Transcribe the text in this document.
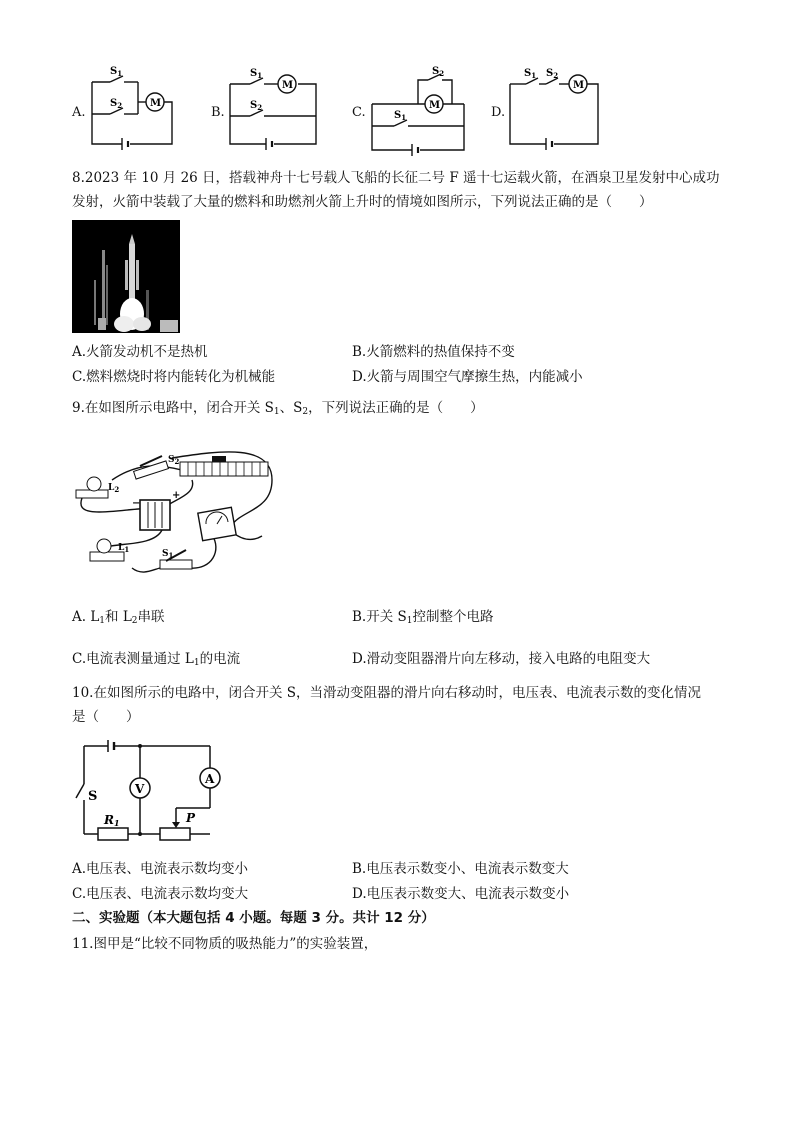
A.
$S_1$
$S_2$	M
B.
$S_1$
$S_2$
M
C.
$S_2$
$S_1$
M	D.
$S_1$ $S_2$
M
8.2023 年 10 月 26 日，搭载神舟十七号载人飞船的长征二号 F 遥十七运载火箭，在酒泉卫星发射中心成功
发射，火箭中装载了大量的燃料和助燃剂火箭上升时的情境如图所示，下列说法正确的是（　　）
A.火箭发动机不是热机	B.火箭燃料的热值保持不变
C.燃料燃烧时将内能转化为机械能	D.火箭与周围空气摩擦生热，内能减小
9.在如图所示电路中，闭合开关 $S_1$、$S_2$，下列说法正确的是（　　）
$L_2$
$S_2$
−
+
$L_1$	$S_1$
A. $L_1$和 $L_2$串联	B.开关 $S_1$控制整个电路
C.电流表测量通过 $L_1$的电流	D.滑动变阻器滑片向左移动，接入电路的电阻变大
10.在如图所示的电路中，闭合开关 S，当滑动变阻器的滑片向右移动时，电压表、电流表示数的变化情况
是（　　）
S
R1	P
V
A
A.电压表、电流表示数均变小	B.电压表示数变小、电流表示数变大
C.电压表、电流表示数均变大	D.电压表示数变大、电流表示数变小
二、实验题（本大题包括 4 小题。每题 3 分。共计 12 分）
11.图甲是“比较不同物质的吸热能力”的实验装置，
